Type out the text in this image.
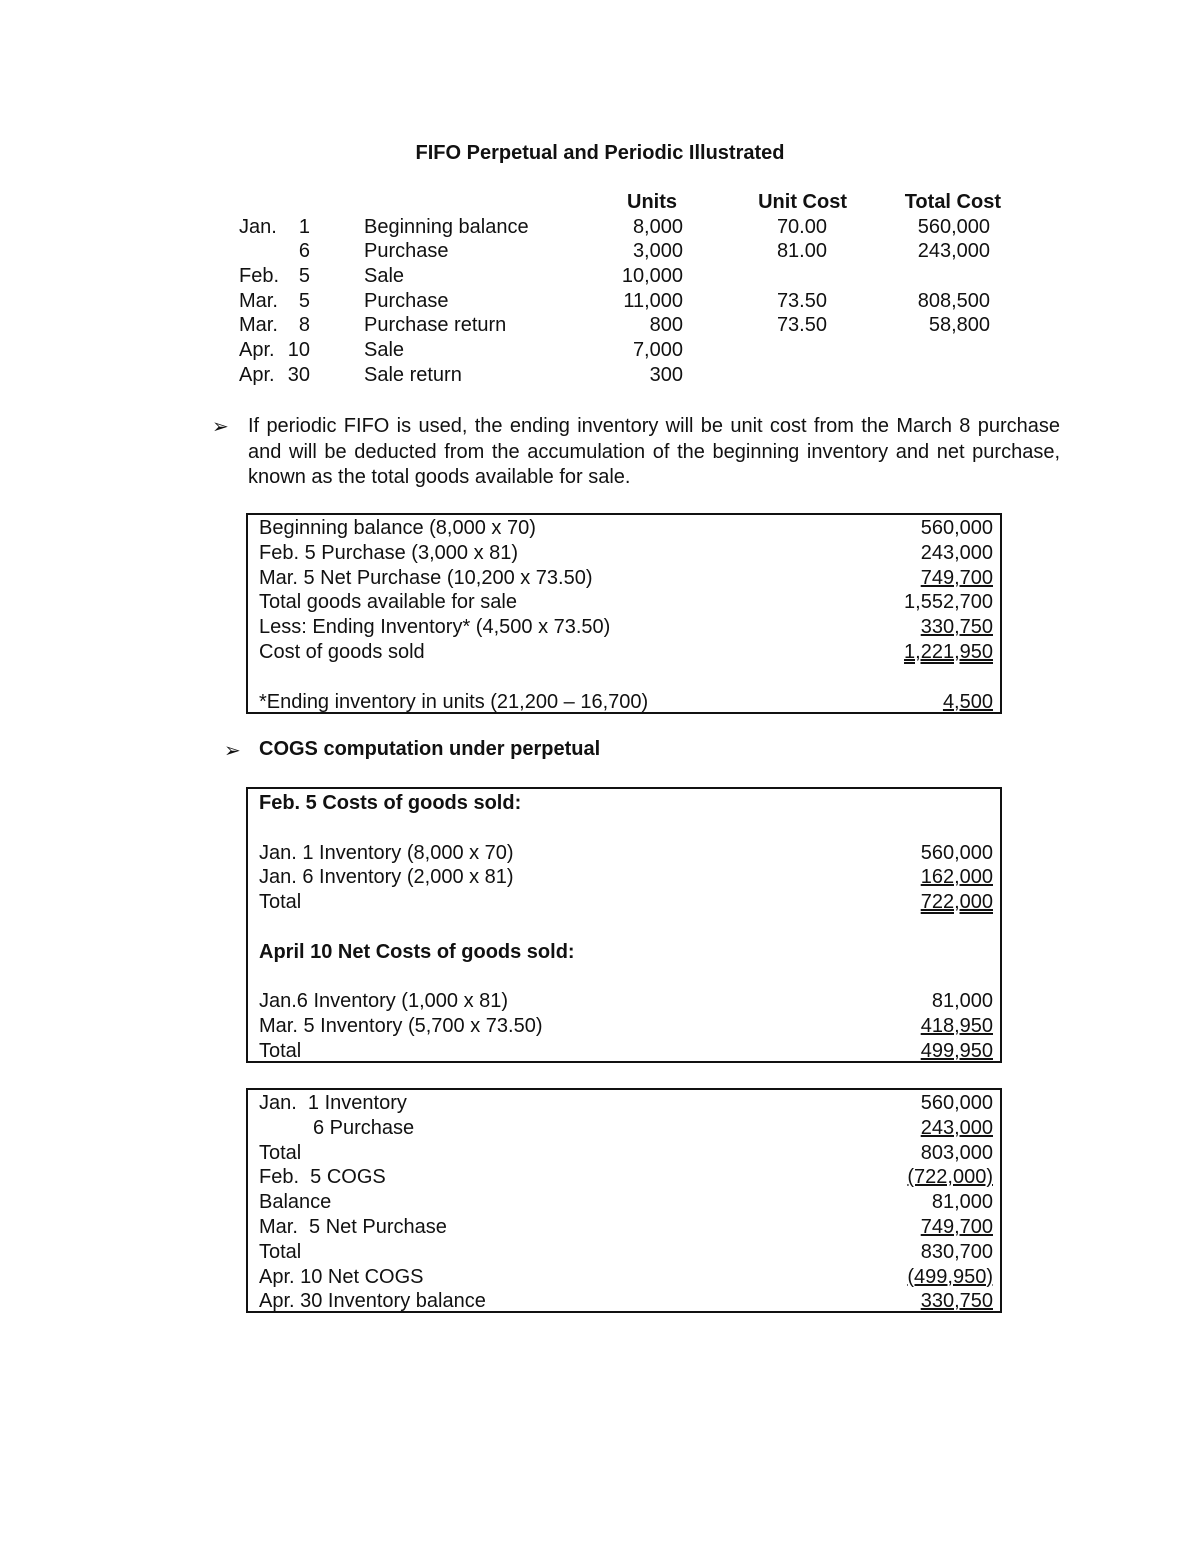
FIFO Perpetual and Periodic Illustrated
Units	Unit Cost	Total Cost
Jan. 1	Beginning balance	8,000	70.00	560,000
6	Purchase	3,000	81.00	243,000
Feb. 5	Sale	10,000
Mar. 5	Purchase	11,000	73.50	808,500
Mar. 8	Purchase return	800	73.50	58,800
Apr. 10	Sale	7,000
Apr. 30	Sale return	300
➢ If periodic FIFO is used, the ending inventory will be unit cost from the March 8 purchase and will be deducted from the accumulation of the beginning inventory and net purchase, known as the total goods available for sale.
Beginning balance (8,000 x 70)	560,000
Feb. 5 Purchase (3,000 x 81)	243,000
Mar. 5 Net Purchase (10,200 x 73.50)	749,700
Total goods available for sale	1,552,700
Less: Ending Inventory* (4,500 x 73.50)	330,750
Cost of goods sold	1,221,950
*Ending inventory in units (21,200 – 16,700)	4,500
➢ COGS computation under perpetual
Feb. 5 Costs of goods sold:
Jan. 1 Inventory (8,000 x 70)	560,000
Jan. 6 Inventory (2,000 x 81)	162,000
Total	722,000
April 10 Net Costs of goods sold:
Jan.6 Inventory (1,000 x 81)	81,000
Mar. 5 Inventory (5,700 x 73.50)	418,950
Total	499,950
Jan.  1 Inventory	560,000
6 Purchase	243,000
Total	803,000
Feb.  5 COGS	(722,000)
Balance	81,000
Mar.  5 Net Purchase	749,700
Total	830,700
Apr. 10 Net COGS	(499,950)
Apr. 30 Inventory balance	330,750
